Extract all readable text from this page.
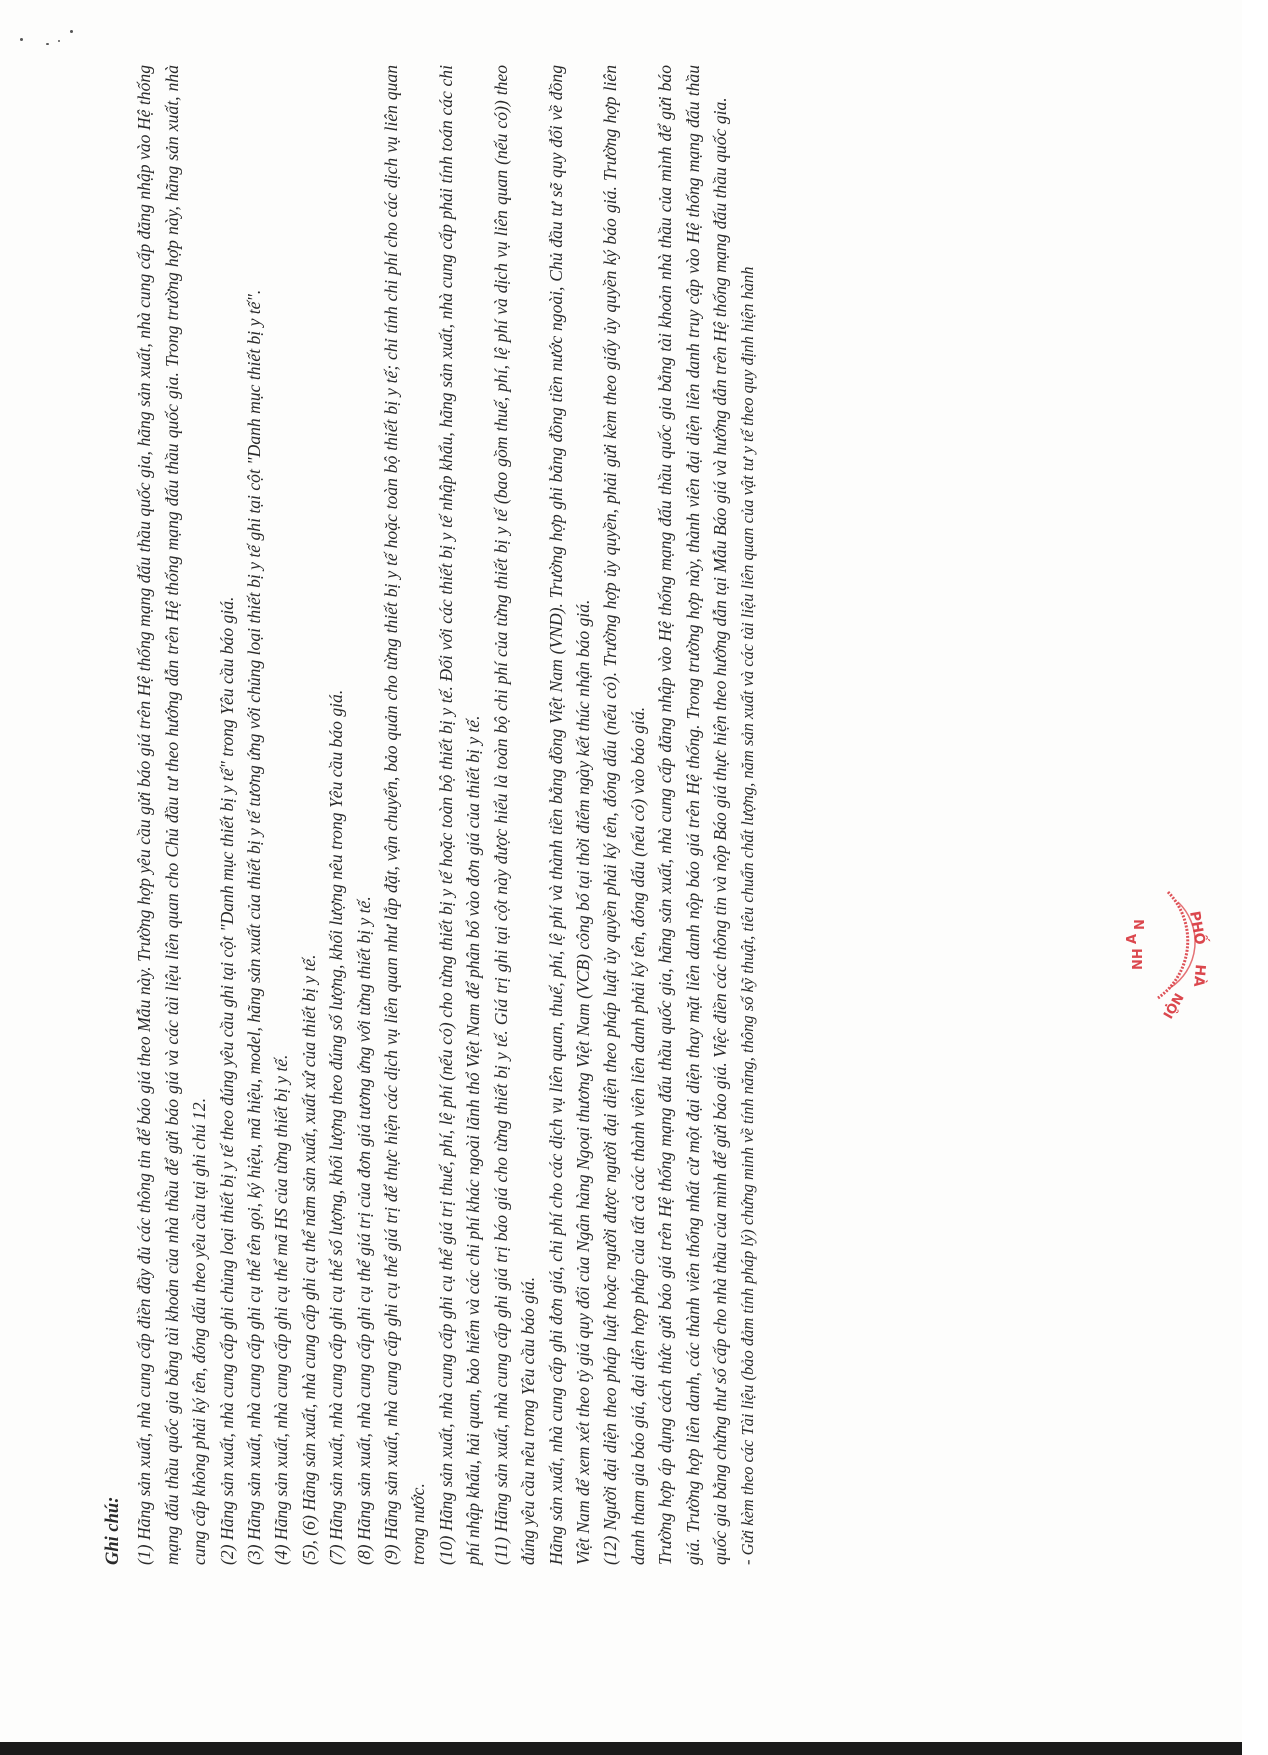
Ghi chú: (1) Hãng sản xuất, nhà cung cấp điền đầy đủ các thông tin để báo giá theo Mẫu này. Trường hợp yêu cầu gửi báo giá trên Hệ thống mạng đấu thầu quốc gia, hãng sản xuất, nhà cung cấp đăng nhập vào Hệ thống mạng đấu thầu quốc gia bằng tài khoản của nhà thầu để gửi báo giá và các tài liệu liên quan cho Chủ đầu tư theo hướng dẫn trên Hệ thống mạng đấu thầu quốc gia. Trong trường hợp này, hãng sản xuất, nhà cung cấp không phải ký tên, đóng dấu theo yêu cầu tại ghi chú 12. (2) Hãng sản xuất, nhà cung cấp ghi chủng loại thiết bị y tế theo đúng yêu cầu ghi tại cột "Danh mục thiết bị y tế" trong Yêu cầu báo giá. (3) Hãng sản xuất, nhà cung cấp ghi cụ thể tên gọi, ký hiệu, mã hiệu, model, hãng sản xuất của thiết bị y tế tương ứng với chủng loại thiết bị y tế ghi tại cột "Danh mục thiết bị y tế". (4) Hãng sản xuất, nhà cung cấp ghi cụ thể mã HS của từng thiết bị y tế. (5), (6) Hãng sản xuất, nhà cung cấp ghi cụ thể năm sản xuất, xuất xứ của thiết bị y tế. (7) Hãng sản xuất, nhà cung cấp ghi cụ thể số lượng, khối lượng theo đúng số lượng, khối lượng nêu trong Yêu cầu báo giá. (8) Hãng sản xuất, nhà cung cấp ghi cụ thể giá trị của đơn giá tương ứng với từng thiết bị y tế. (9) Hãng sản xuất, nhà cung cấp ghi cụ thể giá trị để thực hiện các dịch vụ liên quan như lắp đặt, vận chuyển, bảo quản cho từng thiết bị y tế hoặc toàn bộ thiết bị y tế; chỉ tính chi phí cho các dịch vụ liên quan trong nước. (10) Hãng sản xuất, nhà cung cấp ghi cụ thể giá trị thuế, phí, lệ phí (nếu có) cho từng thiết bị y tế hoặc toàn bộ thiết bị y tế. Đối với các thiết bị y tế nhập khẩu, hãng sản xuất, nhà cung cấp phải tính toán các chi phí nhập khẩu, hải quan, bảo hiểm và các chi phí khác ngoài lãnh thổ Việt Nam để phân bổ vào đơn giá của thiết bị y tế. (11) Hãng sản xuất, nhà cung cấp ghi giá trị báo giá cho từng thiết bị y tế. Giá trị ghi tại cột này được hiểu là toàn bộ chi phí của từng thiết bị y tế (bao gồm thuế, phí, lệ phí và dịch vụ liên quan (nếu có)) theo đúng yêu cầu nêu trong Yêu cầu báo giá. Hãng sản xuất, nhà cung cấp ghi đơn giá, chi phí cho các dịch vụ liên quan, thuế, phí, lệ phí và thành tiền bằng đồng Việt Nam (VND). Trường hợp ghi bằng đồng tiền nước ngoài, Chủ đầu tư sẽ quy đổi về đồng Việt Nam để xem xét theo tỷ giá quy đổi của Ngân hàng Ngoại thương Việt Nam (VCB) công bố tại thời điểm ngày kết thúc nhận báo giá. (12) Người đại diện theo pháp luật hoặc người được người đại diện theo pháp luật ủy quyền phải ký tên, đóng dấu (nếu có). Trường hợp ủy quyền, phải gửi kèm theo giấy ủy quyền ký báo giá. Trường hợp liên danh tham gia báo giá, đại diện hợp pháp của tất cả các thành viên liên danh phải ký tên, đóng dấu (nếu có) vào báo giá. Trường hợp áp dụng cách thức gửi báo giá trên Hệ thống mạng đấu thầu quốc gia, hãng sản xuất, nhà cung cấp đăng nhập vào Hệ thống mạng đấu thầu quốc gia bằng tài khoản nhà thầu của mình để gửi báo giá. Trường hợp liên danh, các thành viên thống nhất cử một đại diện thay mặt liên danh nộp báo giá trên Hệ thống. Trong trường hợp này, thành viên đại diện liên danh truy cập vào Hệ thống mạng đấu thầu quốc gia bằng chứng thư số cấp cho nhà thầu của mình để gửi báo giá. Việc điền các thông tin và nộp Báo giá thực hiện theo hướng dẫn tại Mẫu Báo giá và hướng dẫn trên Hệ thống mạng đấu thầu quốc gia. - Gửi kèm theo các Tài liệu (bảo đảm tính pháp lý) chứng minh về tính năng, thông số kỹ thuật, tiêu chuẩn chất lượng, năm sản xuất và các tài liệu liên quan của vật tư y tế theo quy định hiện hành	PHỐ
HÀ
NỘI
N
A
NH
